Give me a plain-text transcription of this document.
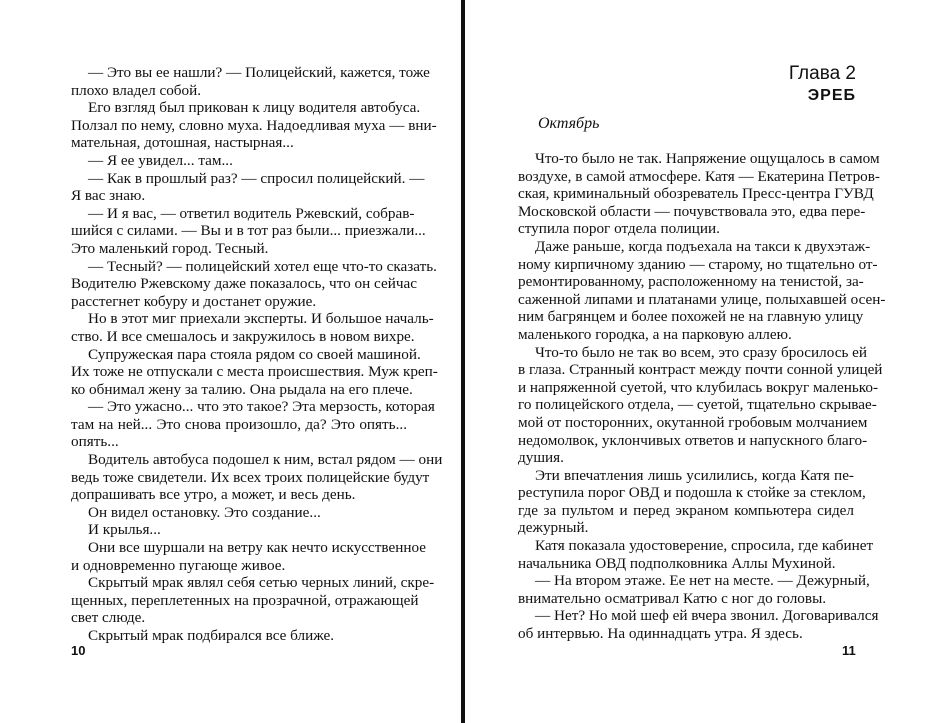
— Это вы ее нашли? — Полицейский, кажется, тоже
плохо владел собой.

Его взгляд был прикован к лицу водителя автобуса.
Ползал по нему, словно муха. Надоедливая муха — вни-
мательная, дотошная, настырная...

— Я ее увидел... там...

— Как в прошлый раз? — спросил полицейский. —
Я вас знаю.

— И я вас, — ответил водитель Ржевский, собрав-
шийся с силами. — Вы и в тот раз были... приезжали...
Это маленький город. Тесный.

— Тесный? — полицейский хотел еще что-то сказать.
Водителю Ржевскому даже показалось, что он сейчас
расстегнет кобуру и достанет оружие.

Но в этот миг приехали эксперты. И большое началь-
ство. И все смешалось и закружилось в новом вихре.

Супружеская пара стояла рядом со своей машиной.
Их тоже не отпускали с места происшествия. Муж креп-
ко обнимал жену за талию. Она рыдала на его плече.

— Это ужасно... что это такое? Эта мерзость, которая
там на ней... Это снова произошло, да? Это опять...
опять...

Водитель автобуса подошел к ним, встал рядом — они
ведь тоже свидетели. Их всех троих полицейские будут
допрашивать все утро, а может, и весь день.

Он видел остановку. Это создание...

И крылья...

Они все шуршали на ветру как нечто искусственное
и одновременно пугающе живое.

Скрытый мрак являл себя сетью черных линий, скре-
щенных, переплетенных на прозрачной, отражающей
свет слюде.

Скрытый мрак подбирался все ближе.

10
Глава 2
ЭРЕБ
Октябрь

Что-то было не так. Напряжение ощущалось в самом
воздухе, в самой атмосфере. Катя — Екатерина Петров-
ская, криминальный обозреватель Пресс-центра ГУВД
Московской области — почувствовала это, едва пере-
ступила порог отдела полиции.

Даже раньше, когда подъехала на такси к двухэтаж-
ному кирпичному зданию — старому, но тщательно от-
ремонтированному, расположенному на тенистой, за-
саженной липами и платанами улице, полыхавшей осен-
ним багрянцем и более похожей не на главную улицу
маленького городка, а на парковую аллею.

Что-то было не так во всем, это сразу бросилось ей
в глаза. Странный контраст между почти сонной улицей
и напряженной суетой, что клубилась вокруг маленько-
го полицейского отдела, — суетой, тщательно скрывае-
мой от посторонних, окутанной гробовым молчанием
недомолвок, уклончивых ответов и напускного благо-
душия.

Эти впечатления лишь усилились, когда Катя пе-
реступила порог ОВД и подошла к стойке за стеклом,
где за пультом и перед экраном компьютера сидел
дежурный.

Катя показала удостоверение, спросила, где кабинет
начальника ОВД подполковника Аллы Мухиной.

— На втором этаже. Ее нет на месте. — Дежурный,
внимательно осматривал Катю с ног до головы.

— Нет? Но мой шеф ей вчера звонил. Договаривался
об интервью. На одиннадцать утра. Я здесь.

11
